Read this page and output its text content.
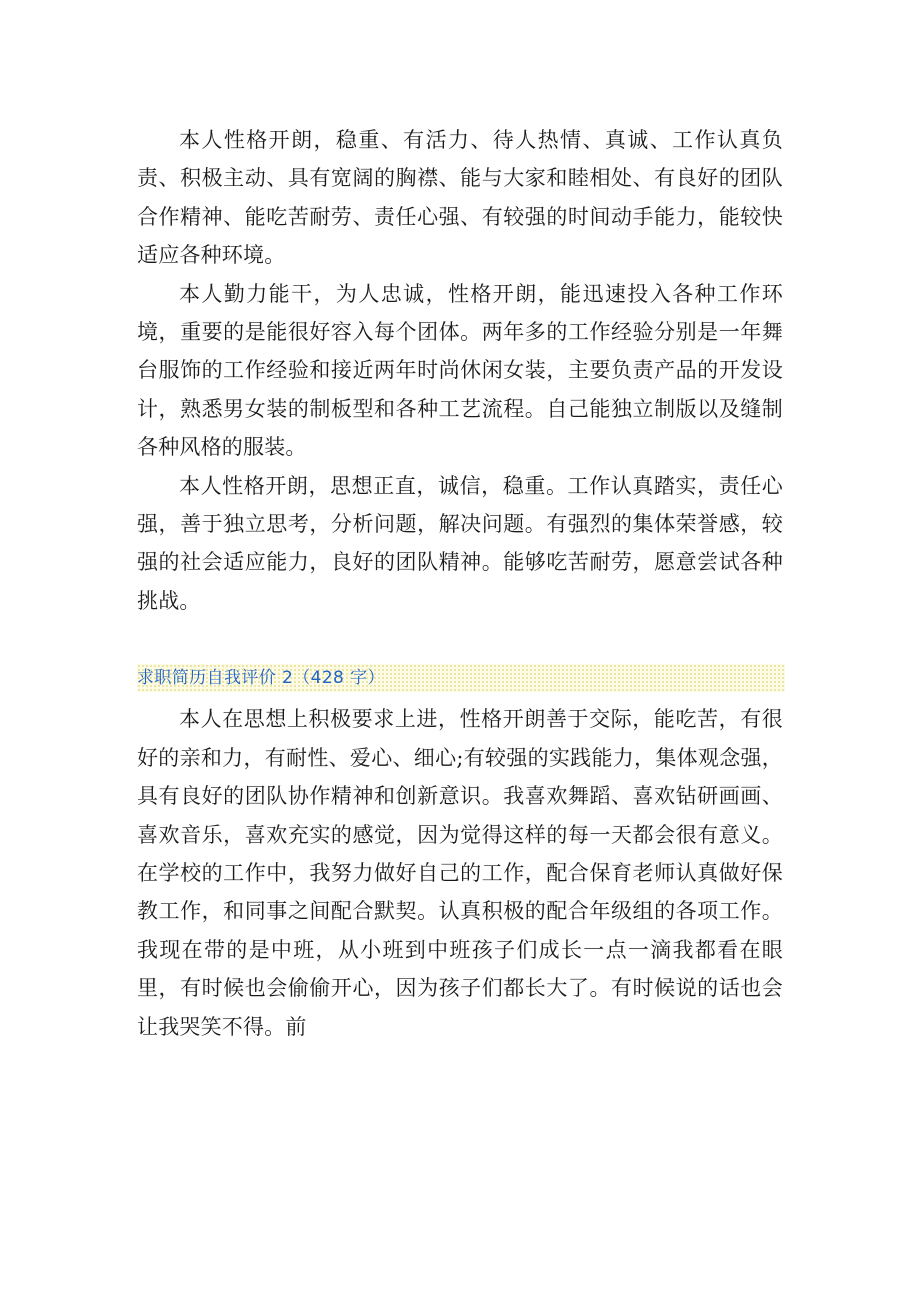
本人性格开朗，稳重、有活力、待人热情、真诚、工作认真负责、积极主动、具有宽阔的胸襟、能与大家和睦相处、有良好的团队合作精神、能吃苦耐劳、责任心强、有较强的时间动手能力，能较快适应各种环境。

本人勤力能干，为人忠诚，性格开朗，能迅速投入各种工作环境，重要的是能很好容入每个团体。两年多的工作经验分别是一年舞台服饰的工作经验和接近两年时尚休闲女装，主要负责产品的开发设计，熟悉男女装的制板型和各种工艺流程。自己能独立制版以及缝制各种风格的服装。

本人性格开朗，思想正直，诚信，稳重。工作认真踏实，责任心强，善于独立思考，分析问题，解决问题。有强烈的集体荣誉感，较强的社会适应能力，良好的团队精神。能够吃苦耐劳，愿意尝试各种挑战。

求职简历自我评价 2（428 字）

本人在思想上积极要求上进，性格开朗善于交际，能吃苦，有很好的亲和力，有耐性、爱心、细心;有较强的实践能力，集体观念强，具有良好的团队协作精神和创新意识。我喜欢舞蹈、喜欢钻研画画、喜欢音乐，喜欢充实的感觉，因为觉得这样的每一天都会很有意义。在学校的工作中，我努力做好自己的工作，配合保育老师认真做好保教工作，和同事之间配合默契。认真积极的配合年级组的各项工作。我现在带的是中班，从小班到中班孩子们成长一点一滴我都看在眼里，有时候也会偷偷开心，因为孩子们都长大了。有时候说的话也会让我哭笑不得。前
